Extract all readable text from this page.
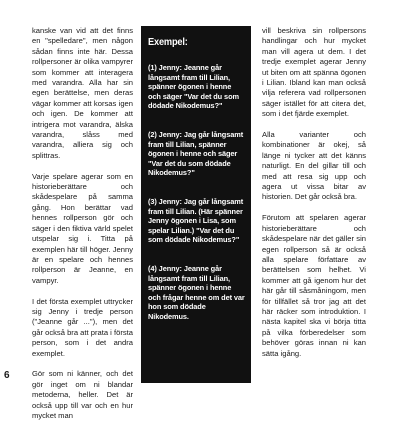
kanske van vid att det finns en "spelledare", men någon sådan finns inte här. Dessa rollpersoner är olika vampyrer som kommer att interagera med varandra. Alla har sin egen berättelse, men deras vägar kommer att korsas igen och igen. De kommer att intrigera mot varandra, älska varandra, slåss med varandra, alliera sig och splittras.

Varje spelare agerar som en historieberättare och skådespelare på samma gång. Hon berättar vad hennes rollperson gör och säger i den fiktiva värld spelet utspelar sig i. Titta på exemplen här till höger. Jenny är en spelare och hennes rollperson är Jeanne, en vampyr.

I det första exemplet uttrycker sig Jenny i tredje person ("Jeanne går ..."), men det går också bra att prata i första person, som i det andra exemplet.

Gör som ni känner, och det gör inget om ni blandar metoderna, heller. Det är också upp till var och en hur mycket man

Exempel:
(1) Jenny: Jeanne går långsamt fram till Lilian, spänner ögonen i henne och säger "Var det du som dödade Nikodemus?"
(2) Jenny: Jag går långsamt fram till Lilian, spänner ögonen i henne och säger "Var det du som dödade Nikodemus?"
(3) Jenny: Jag går långsamt fram till Lilian. (Här spänner Jenny ögonen i Lisa, som spelar Lilian.) "Var det du som dödade Nikodemus?"
(4) Jenny: Jeanne går långsamt fram till Lilian, spänner ögonen i henne och frågar henne om det var hon som dödade Nikodemus.

vill beskriva sin rollpersons handlingar och hur mycket man vill agera ut dem. I det tredje exemplet agerar Jenny ut biten om att spänna ögonen i Lilian. Ibland kan man också vilja referera vad rollpersonen säger istället för att citera det, som i det fjärde exemplet.

Alla varianter och kombinationer är okej, så länge ni tycker att det känns naturligt. En del gillar till och med att resa sig upp och agera ut vissa bitar av historien. Det går också bra.

Förutom att spelaren agerar historieberättare och skådespelare när det gäller sin egen rollperson så är också alla spelare författare av berättelsen som helhet. Vi kommer att gå igenom hur det här går till såsmåningom, men för tillfället så tror jag att det här räcker som introduktion. I nästa kapitel ska vi börja titta på vilka förberedelser som behöver göras innan ni kan sätta igång.

6
